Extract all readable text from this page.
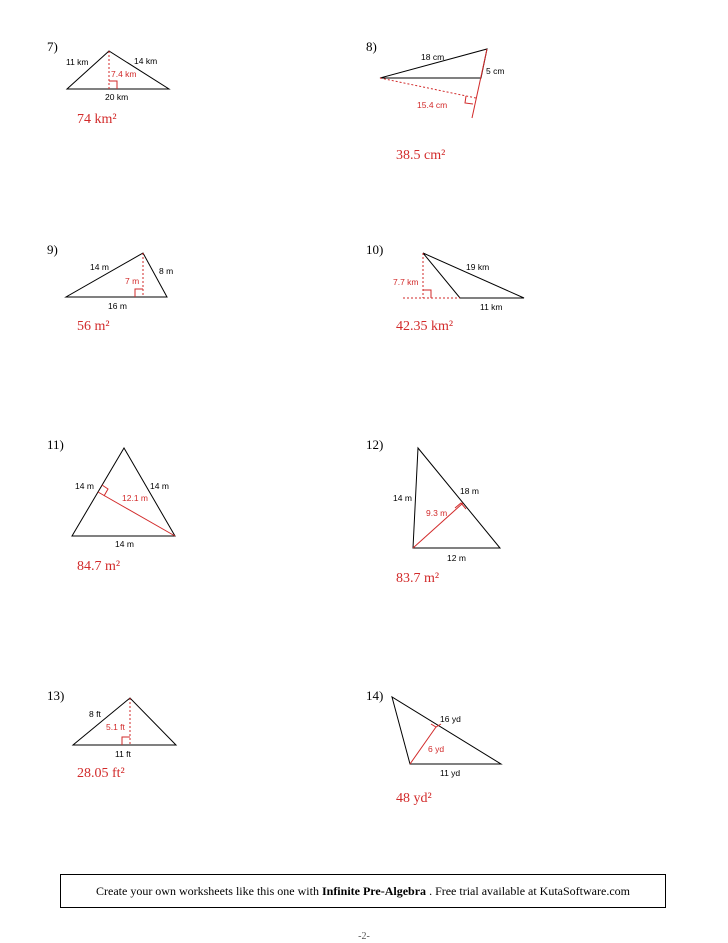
7)
11 km	14 km
7.4 km
20 km
74 km²
8)
18 cm
5 cm
15.4 cm
38.5 cm²
9)
14 m	8 m
7 m
16 m
56 m²
10)
19 km
7.7 km
11 km
42.35 km²
11)
14 m	14 m
12.1 m
14 m
84.7 m²
12)
14 m
18 m
9.3 m
12 m
83.7 m²
13)
8 ft
5.1 ft
11 ft
28.05 ft²
14)
16 yd
6 yd
11 yd
48 yd²
Create your own worksheets like this one with Infinite Pre-Algebra . Free trial available at KutaSoftware.com
-2-
